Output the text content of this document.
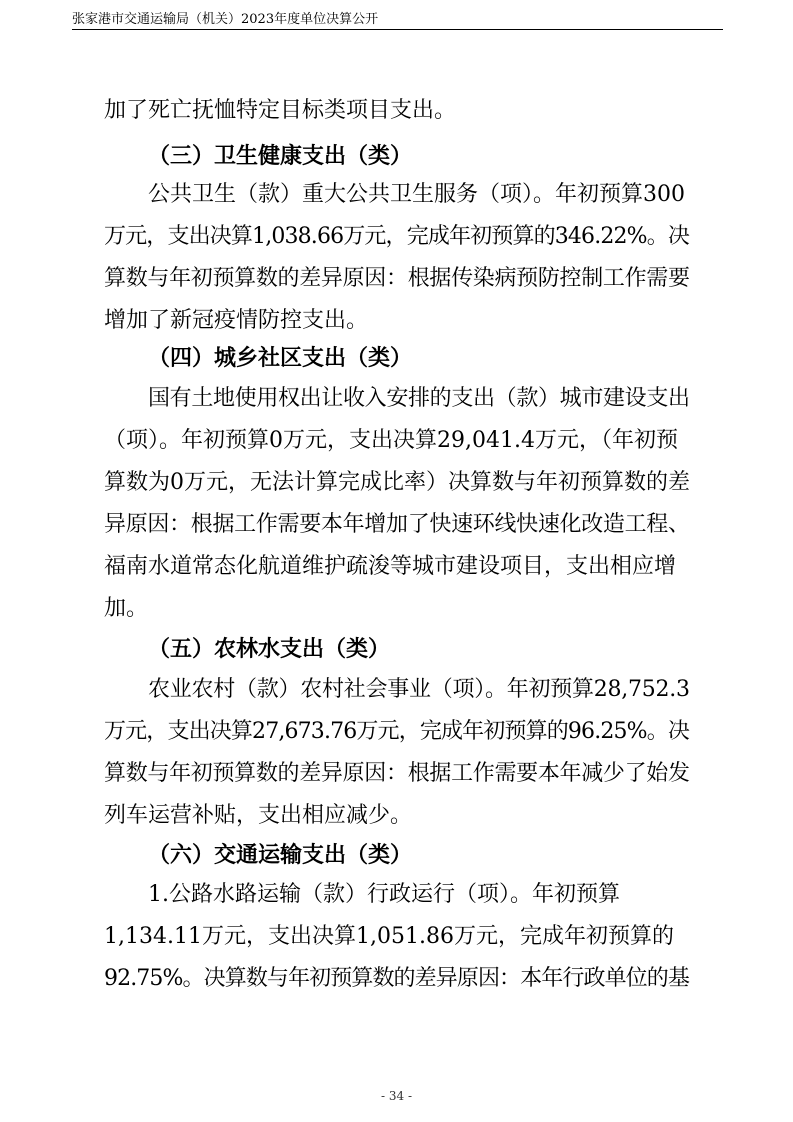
张家港市交通运输局（机关）2023年度单位决算公开
加了死亡抚恤特定目标类项目支出。
（三）卫生健康支出（类）
公共卫生（款）重大公共卫生服务（项）。年初预算300
万元，支出决算1,038.66万元，完成年初预算的346.22%。决
算数与年初预算数的差异原因：根据传染病预防控制工作需要
增加了新冠疫情防控支出。
（四）城乡社区支出（类）
国有土地使用权出让收入安排的支出（款）城市建设支出
（项）。年初预算0万元，支出决算29,041.4万元，（年初预
算数为0万元，无法计算完成比率）决算数与年初预算数的差
异原因：根据工作需要本年增加了快速环线快速化改造工程、
福南水道常态化航道维护疏浚等城市建设项目，支出相应增
加。
（五）农林水支出（类）
农业农村（款）农村社会事业（项）。年初预算28,752.3
万元，支出决算27,673.76万元，完成年初预算的96.25%。决
算数与年初预算数的差异原因：根据工作需要本年减少了始发
列车运营补贴，支出相应减少。
（六）交通运输支出（类）
1.公路水路运输（款）行政运行（项）。年初预算
1,134.11万元，支出决算1,051.86万元，完成年初预算的
92.75%。决算数与年初预算数的差异原因：本年行政单位的基
- 34 -
